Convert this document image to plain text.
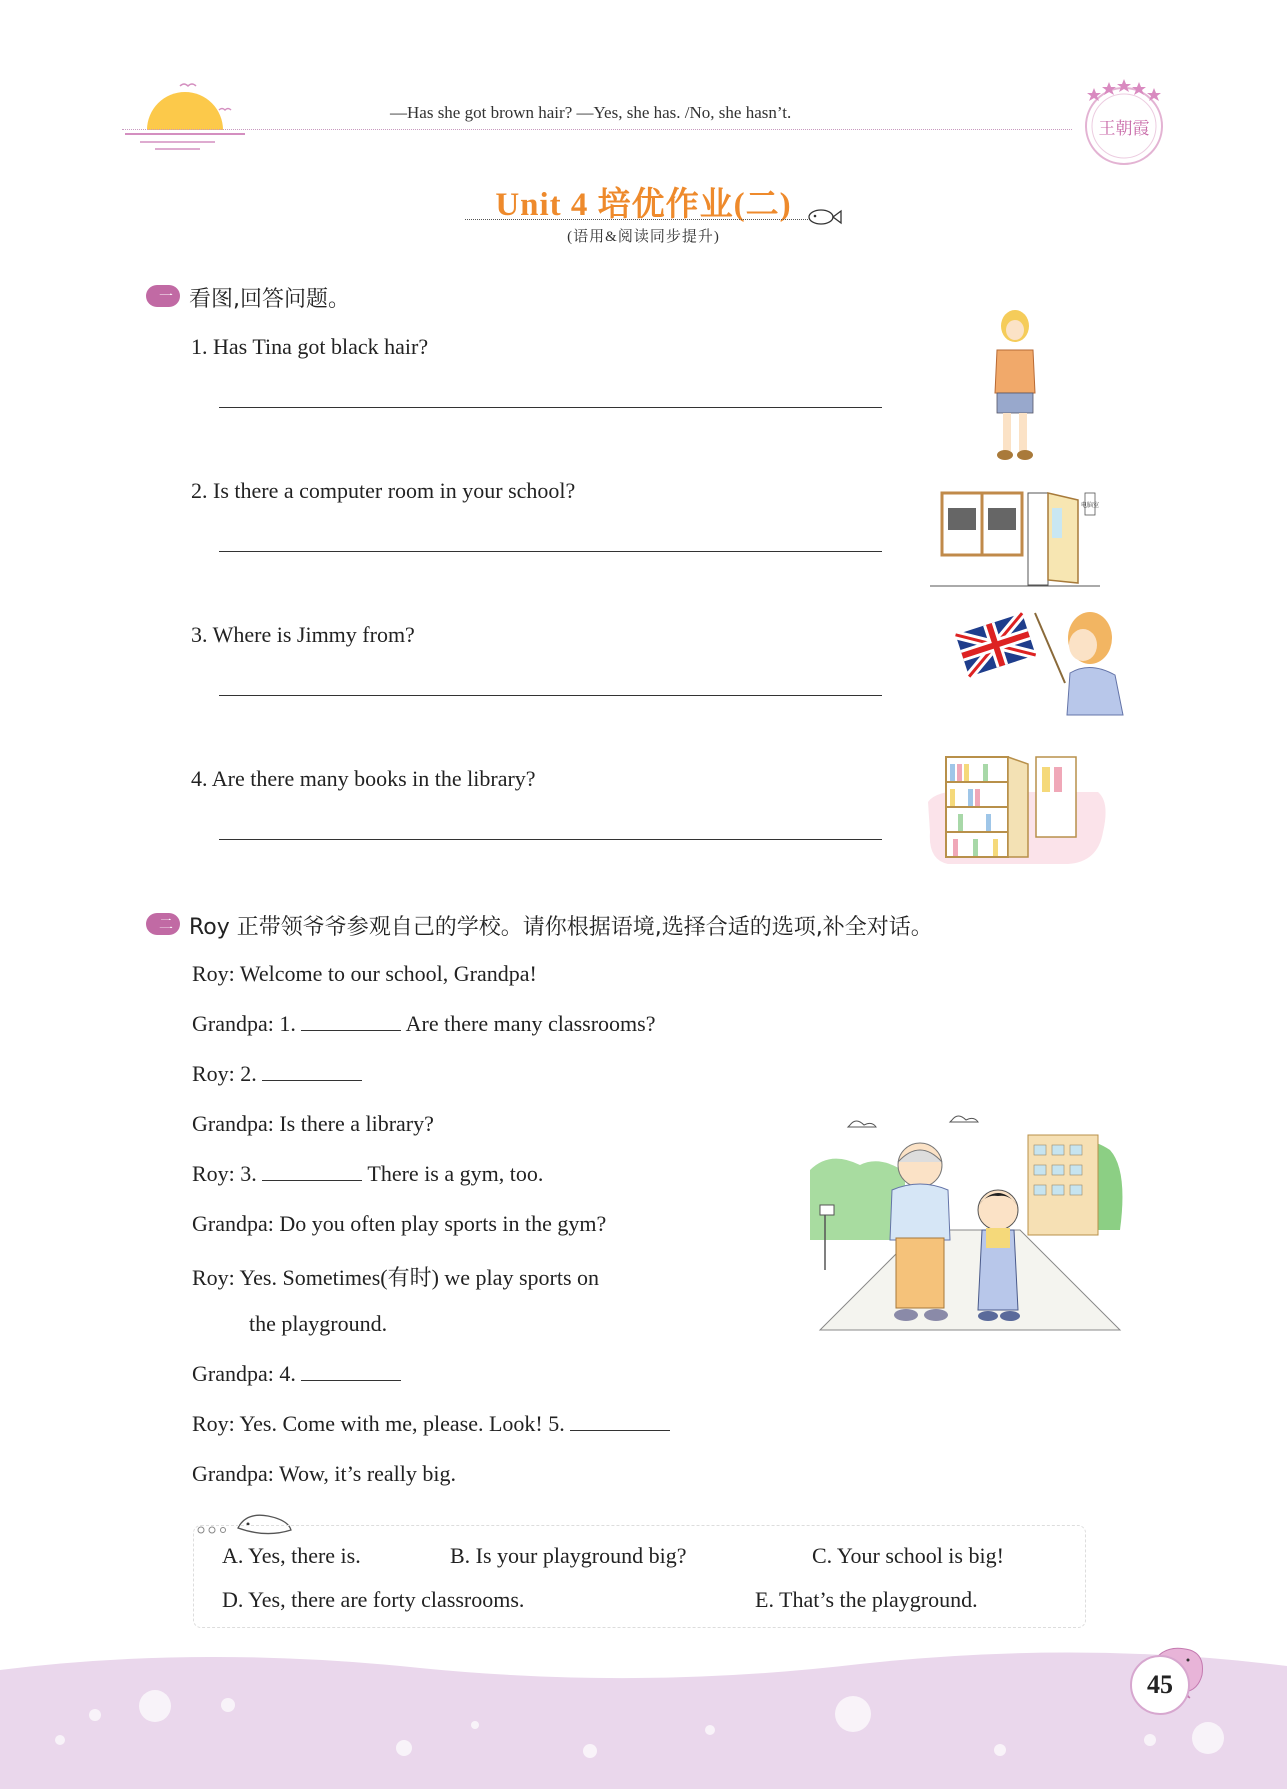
—Has she got brown hair? —Yes, she has. /No, she hasn’t.
王朝霞
Unit 4 培优作业(二)
(语用&阅读同步提升)
一 看图,回答问题。
1. Has Tina got black hair?
2. Is there a computer room in your school?
3. Where is Jimmy from?
4. Are there many books in the library?
电脑室
二 Roy 正带领爷爷参观自己的学校。请你根据语境,选择合适的选项,补全对话。
Roy: Welcome to our school, Grandpa!
Grandpa: 1.	Are there many classrooms?
Roy: 2.
Grandpa: Is there a library?
Roy: 3.	There is a gym, too.
Grandpa: Do you often play sports in the gym?
Roy: Yes. Sometimes(有时) we play sports on
the playground.
Grandpa: 4.
Roy: Yes. Come with me, please. Look! 5.
Grandpa: Wow, it’s really big.
A. Yes, there is.	B. Is your playground big?	C. Your school is big!
D. Yes, there are forty classrooms.	E. That’s the playground.
45
